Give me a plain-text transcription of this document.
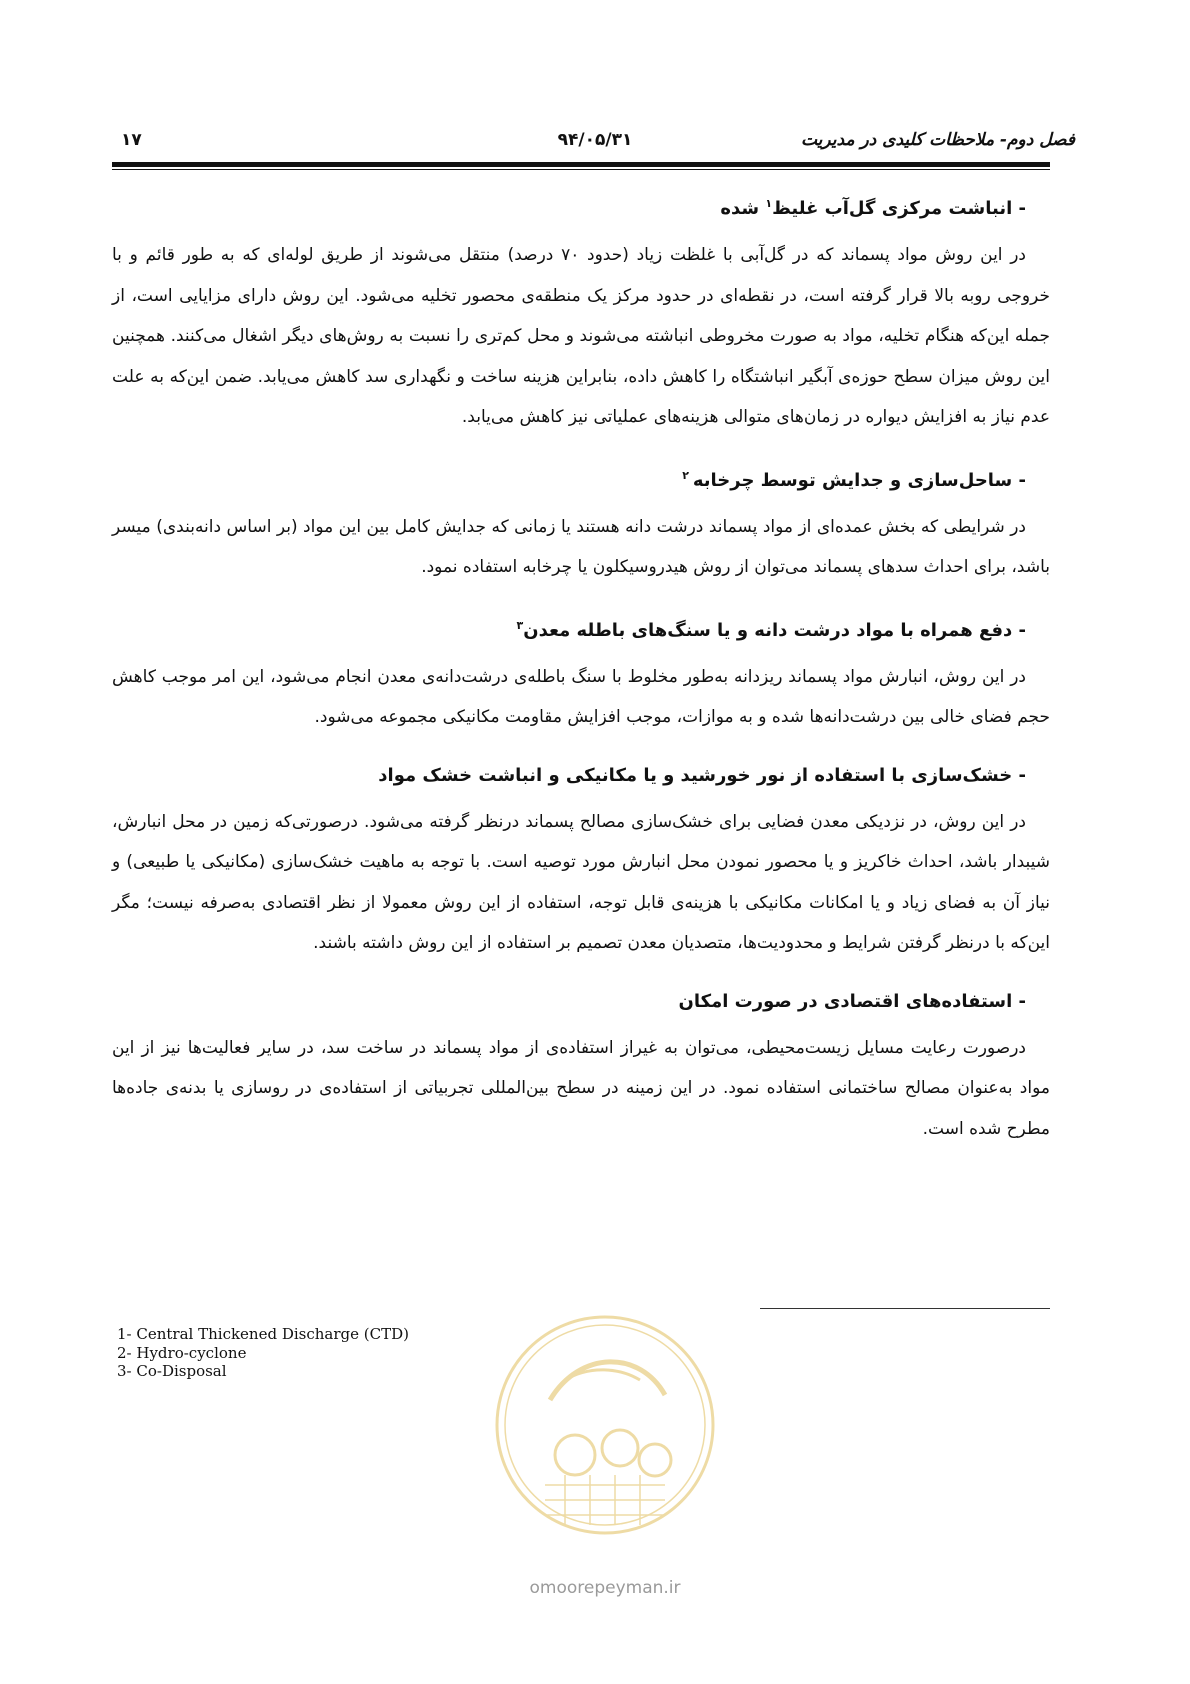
فصل دوم- ملاحظات کلیدی در مدیریت
۹۴/۰۵/۳۱
۱۷
- انباشت مرکزی گل‌آب غلیظ$^۱$ شده

در این روش مواد پسماند که در گل‌آبی با غلظت زیاد (حدود ۷۰ درصد) منتقل می‌شوند از طریق لوله‌ای که به طور قائم و با خروجی روبه بالا قرار گرفته است، در نقطه‌ای در حدود مرکز یک منطقه‌ی محصور تخلیه می‌شود. این روش دارای مزایایی است، از جمله این‌که هنگام تخلیه، مواد به صورت مخروطی انباشته می‌شوند و محل کم‌تری را نسبت به روش‌های دیگر اشغال می‌کنند. همچنین این روش میزان سطح حوزه‌ی آبگیر انباشتگاه را کاهش داده، بنابراین هزینه ساخت و نگهداری سد کاهش می‌یابد. ضمن این‌که به علت عدم نیاز به افزایش دیواره در زمان‌های متوالی هزینه‌های عملیاتی نیز کاهش می‌یابد.

- ساحل‌سازی و جدایش توسط چرخابه $^۲$

در شرایطی که بخش عمده‌ای از مواد پسماند درشت دانه هستند یا زمانی که جدایش کامل بین این مواد (بر اساس دانه‌بندی) میسر باشد، برای احداث سدهای پسماند می‌توان از روش هیدروسیکلون یا چرخابه استفاده نمود.

- دفع همراه با مواد درشت دانه و یا سنگ‌های باطله معدن$^۳$

در این روش، انبارش مواد پسماند ریزدانه به‌طور مخلوط با سنگ باطله‌ی درشت‌دانه‌ی معدن انجام می‌شود، این امر موجب کاهش حجم فضای خالی بین درشت‌دانه‌ها شده و به موازات، موجب افزایش مقاومت مکانیکی مجموعه می‌شود.

- خشک‌سازی با استفاده از نور خورشید و یا مکانیکی و انباشت خشک مواد

در این روش، در نزدیکی معدن فضایی برای خشک‌سازی مصالح پسماند درنظر گرفته می‌شود. درصورتی‌که زمین در محل انبارش، شیبدار باشد، احداث خاکریز و یا محصور نمودن محل انبارش مورد توصیه است. با توجه به ماهیت خشک‌سازی (مکانیکی یا طبیعی) و نیاز آن به فضای زیاد و یا امکانات مکانیکی با هزینه‌ی قابل توجه، استفاده از این روش معمولا از نظر اقتصادی به‌صرفه نیست؛ مگر این‌که با درنظر گرفتن شرایط و محدودیت‌ها، متصدیان معدن تصمیم بر استفاده از این روش داشته باشند.

- استفاده‌های اقتصادی در صورت امکان

درصورت رعایت مسایل زیست‌محیطی، می‌توان به غیراز استفاده‌ی از مواد پسماند در ساخت سد، در سایر فعالیت‌ها نیز از این مواد به‌عنوان مصالح ساختمانی استفاده نمود. در این زمینه در سطح بین‌المللی تجربیاتی از استفاده‌ی در روسازی یا بدنه‌ی جاده‌ها مطرح شده است.

1- Central Thickened Discharge (CTD)
2- Hydro-cyclone
3- Co-Disposal
omoorepeyman.ir
